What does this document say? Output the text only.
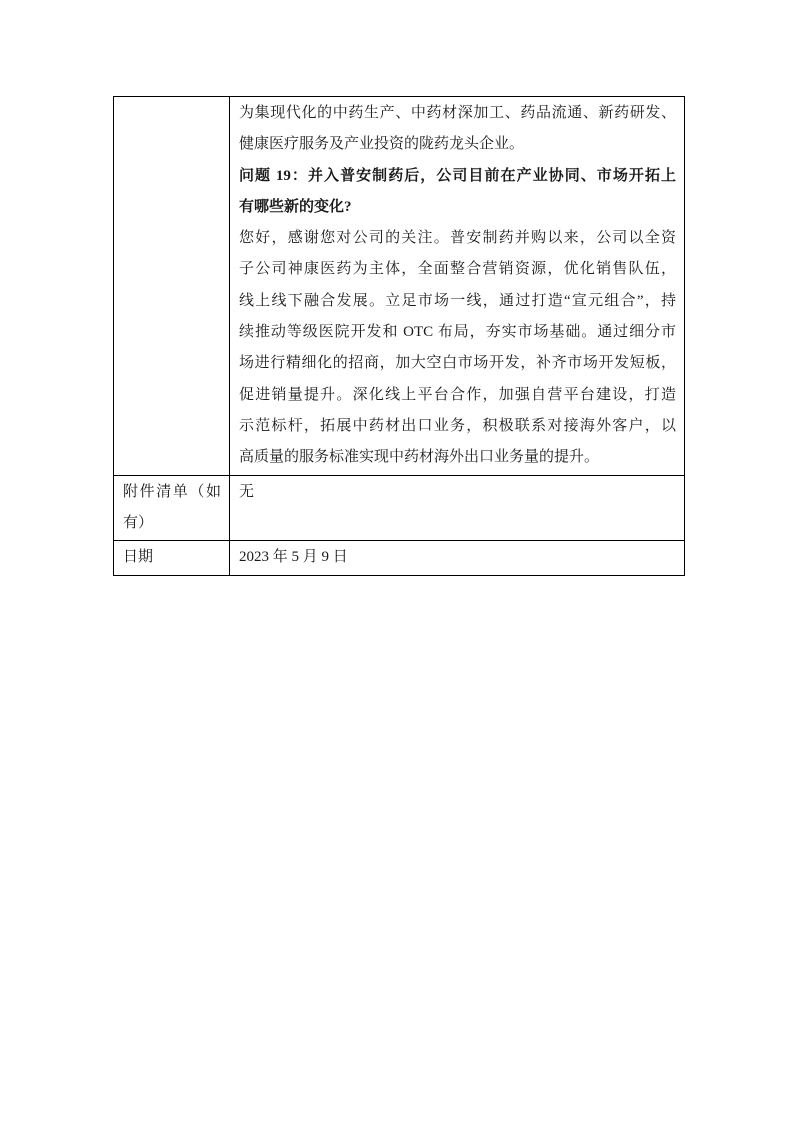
为集现代化的中药生产、中药材深加工、药品流通、新药研发、
健康医疗服务及产业投资的陇药龙头企业。
问题 19：并入普安制药后，公司目前在产业协同、市场开拓上
有哪些新的变化?
您好，感谢您对公司的关注。普安制药并购以来，公司以全资
子公司神康医药为主体，全面整合营销资源，优化销售队伍，
线上线下融合发展。立足市场一线，通过打造“宣元组合”，持
续推动等级医院开发和 OTC 布局，夯实市场基础。通过细分市
场进行精细化的招商，加大空白市场开发，补齐市场开发短板，
促进销量提升。深化线上平台合作，加强自营平台建设，打造
示范标杆，拓展中药材出口业务，积极联系对接海外客户，以
高质量的服务标准实现中药材海外出口业务量的提升。

附件清单（如
有）	无
日期	2023 年 5 月 9 日
